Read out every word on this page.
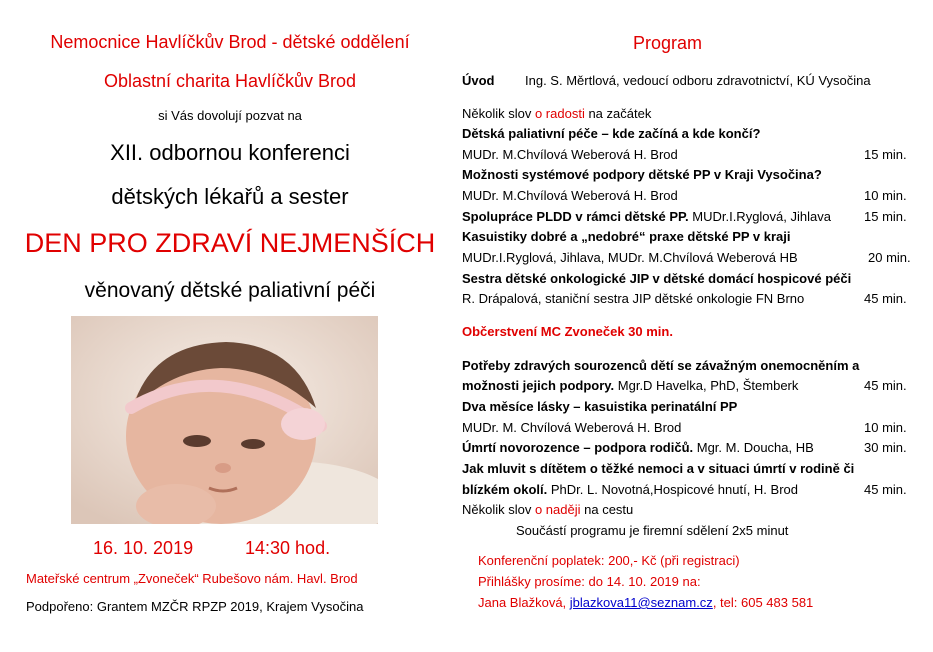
Nemocnice Havlíčkův Brod - dětské oddělení
Oblastní charita Havlíčkův Brod
si Vás dovolují pozvat na
XII. odbornou konferenci
dětských lékařů a sester
DEN PRO ZDRAVÍ NEJMENŠÍCH
věnovaný dětské paliativní péči
16. 10. 2019	14:30 hod.
Mateřské centrum „Zvoneček“ Rubešovo nám. Havl. Brod
Podpořeno: Grantem MZČR RPZP 2019, Krajem Vysočina
Program
Úvod Ing. S. Měrtlová, vedoucí odboru zdravotnictví, KÚ Vysočina
Několik slov o radosti na začátek
Dětská paliativní péče – kde začíná a kde končí?
MUDr. M.Chvílová Weberová H. Brod	15 min.
Možnosti systémové podpory dětské PP v Kraji Vysočina?
MUDr. M.Chvílová Weberová H. Brod	10 min.
Spolupráce PLDD v rámci dětské PP. MUDr.I.Ryglová, Jihlava	15 min.
Kasuistiky dobré a „nedobré“ praxe dětské PP v kraji
MUDr.I.Ryglová, Jihlava, MUDr. M.Chvílová Weberová HB	20 min.
Sestra dětské onkologické JIP v dětské domácí hospicové péči
R. Drápalová, staniční sestra JIP dětské onkologie FN Brno	45 min.
Občerstvení MC Zvoneček 30 min.
Potřeby zdravých sourozenců dětí se závažným onemocněním a
možnosti jejich podpory. Mgr.D Havelka, PhD, Štemberk	45 min.
Dva měsíce lásky – kasuistika perinatální PP
MUDr. M. Chvílová Weberová H. Brod	10 min.
Úmrtí novorozence – podpora rodičů. Mgr. M. Doucha, HB	30 min.
Jak mluvit s dítětem o těžké nemoci a v situaci úmrtí v rodině či
blízkém okolí. PhDr. L. Novotná,Hospicové hnutí, H. Brod	45 min.
Několik slov o naději na cestu
Součástí programu je firemní sdělení 2x5 minut
Konferenční poplatek: 200,- Kč (při registraci)
Přihlášky prosíme: do 14. 10. 2019 na:
Jana Blažková, jblazkova11@seznam.cz, tel: 605 483 581
